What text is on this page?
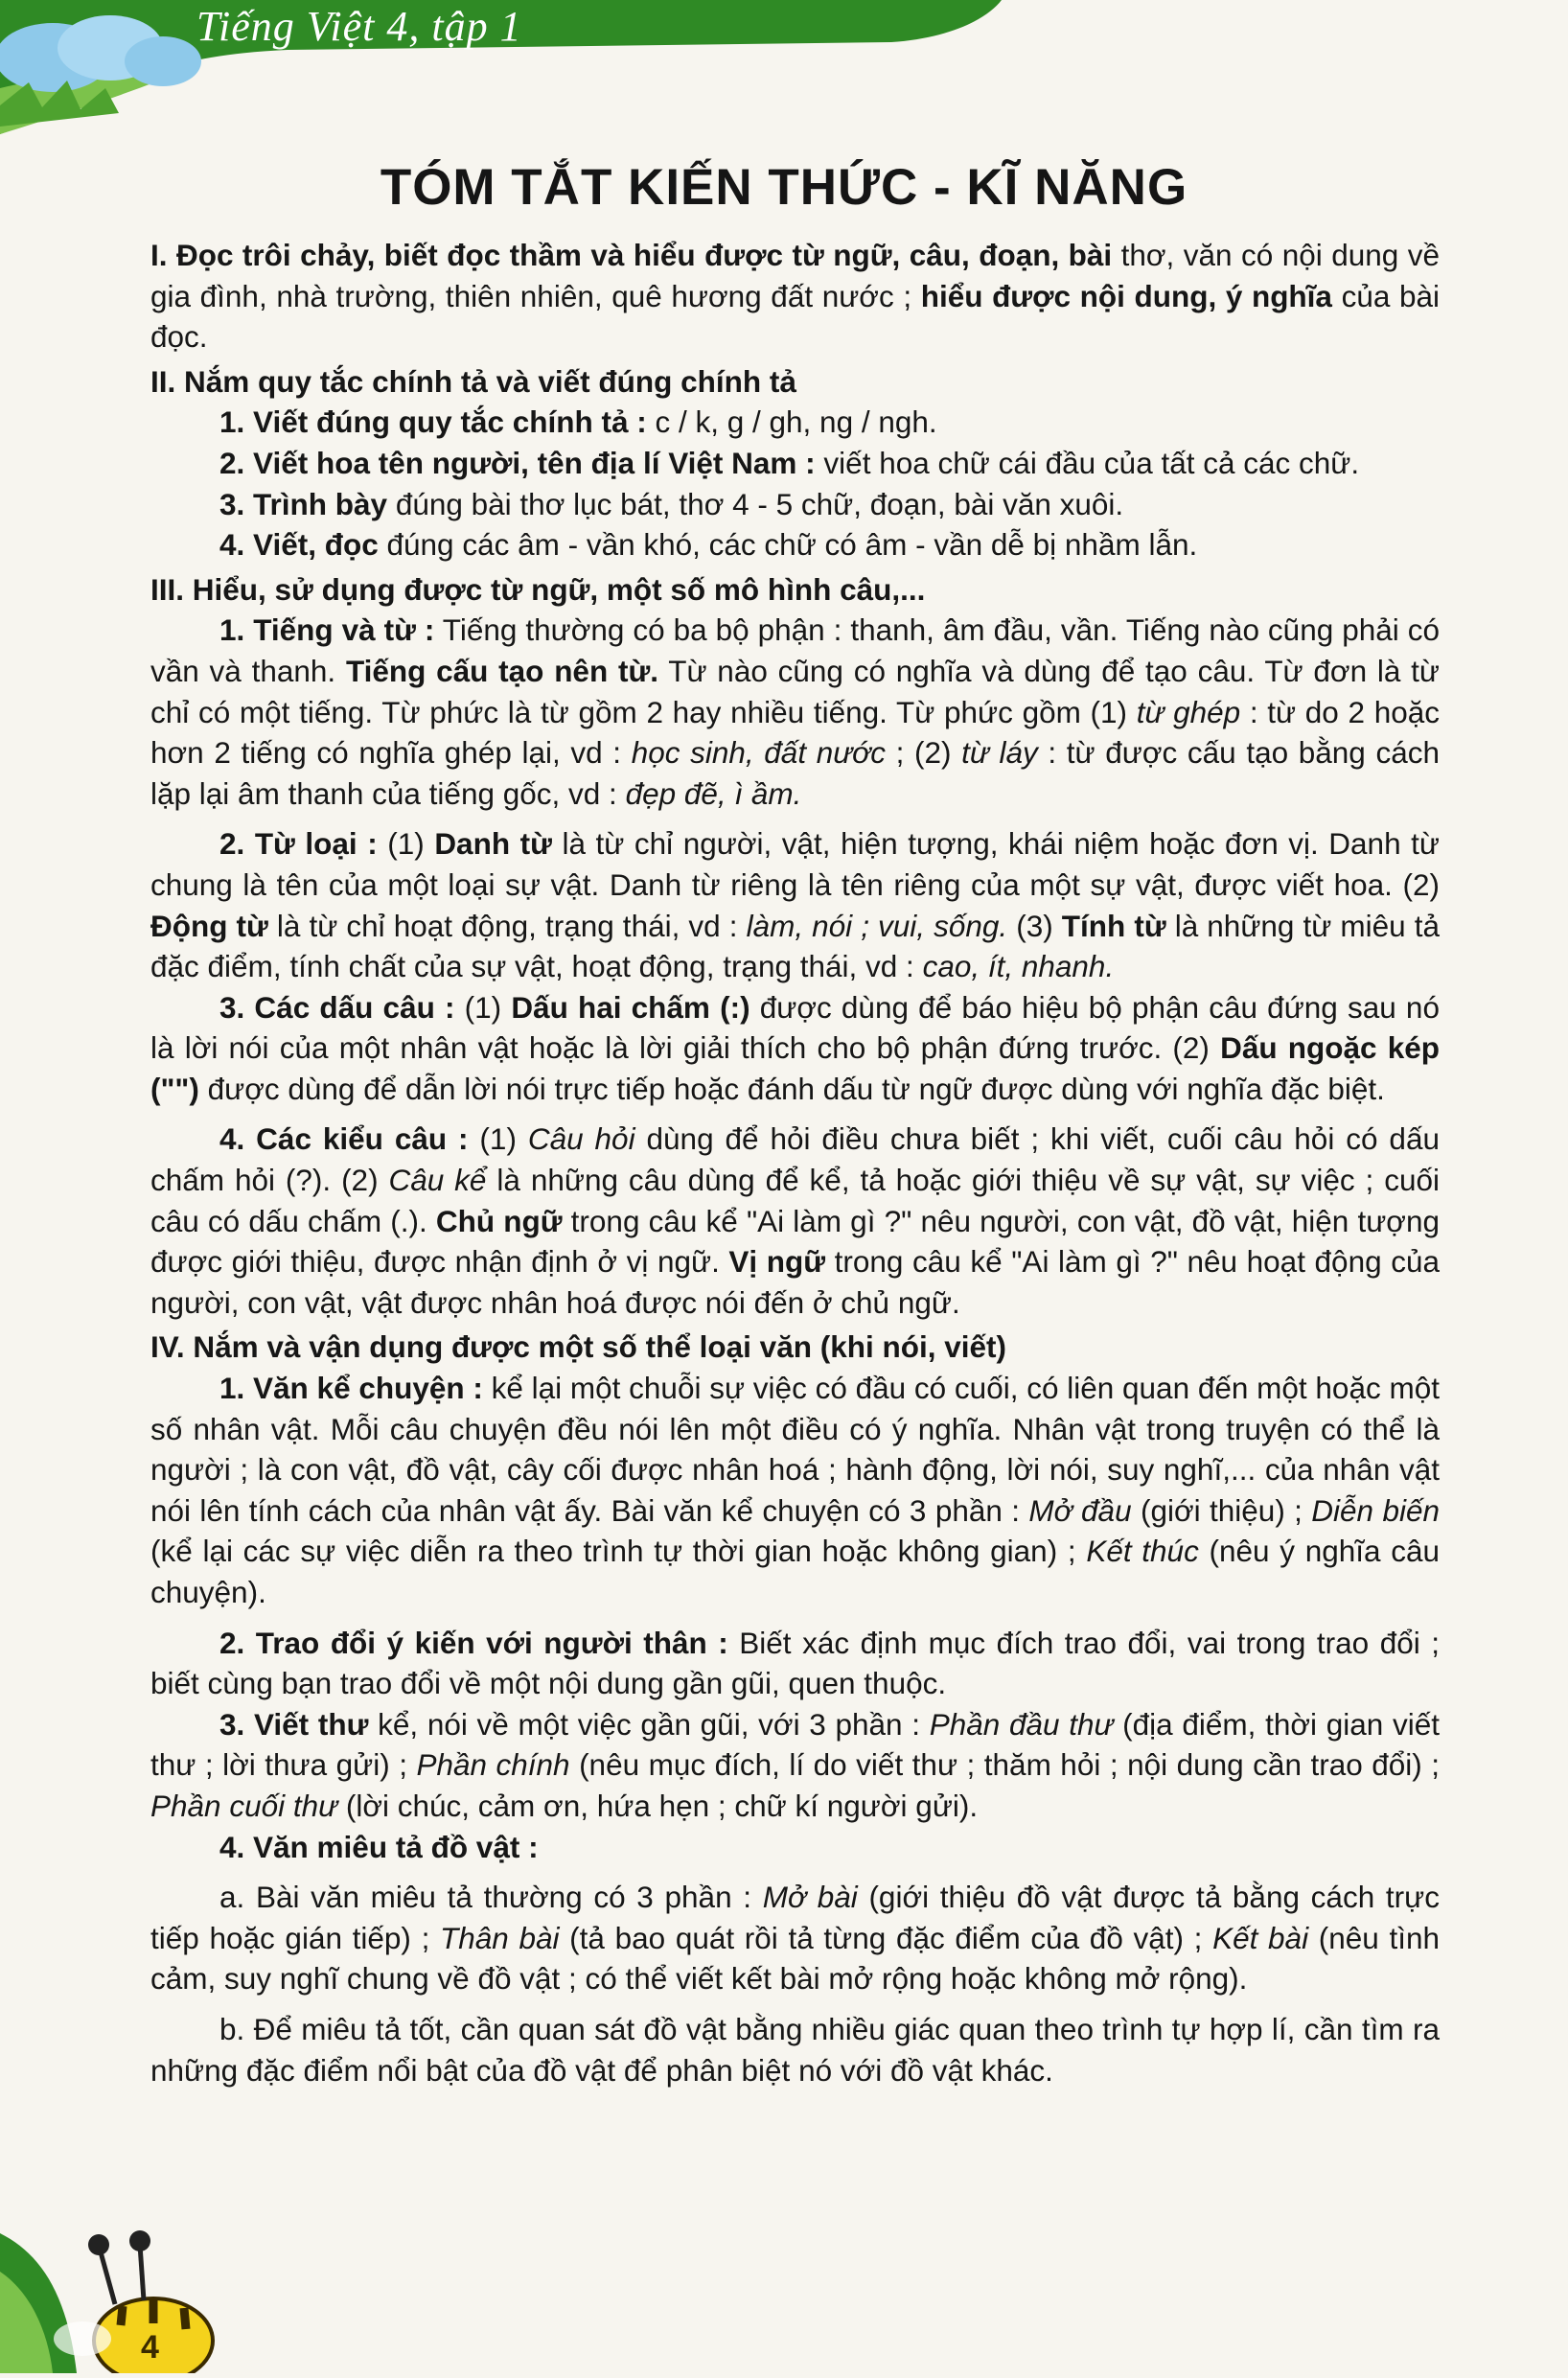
Tiếng Việt 4, tập 1
TÓM TẮT KIẾN THỨC - KĨ NĂNG

I. Đọc trôi chảy, biết đọc thầm và hiểu được từ ngữ, câu, đoạn, bài thơ, văn có nội dung về gia đình, nhà trường, thiên nhiên, quê hương đất nước ; hiểu được nội dung, ý nghĩa của bài đọc.

II. Nắm quy tắc chính tả và viết đúng chính tả

1. Viết đúng quy tắc chính tả : c / k, g / gh, ng / ngh.

2. Viết hoa tên người, tên địa lí Việt Nam : viết hoa chữ cái đầu của tất cả các chữ.

3. Trình bày đúng bài thơ lục bát, thơ 4 - 5 chữ, đoạn, bài văn xuôi.

4. Viết, đọc đúng các âm - vần khó, các chữ có âm - vần dễ bị nhầm lẫn.

III. Hiểu, sử dụng được từ ngữ, một số mô hình câu,...

1. Tiếng và từ : Tiếng thường có ba bộ phận : thanh, âm đầu, vần. Tiếng nào cũng phải có vần và thanh. Tiếng cấu tạo nên từ. Từ nào cũng có nghĩa và dùng để tạo câu. Từ đơn là từ chỉ có một tiếng. Từ phức là từ gồm 2 hay nhiều tiếng. Từ phức gồm (1) từ ghép : từ do 2 hoặc hơn 2 tiếng có nghĩa ghép lại, vd : học sinh, đất nước ; (2) từ láy : từ được cấu tạo bằng cách lặp lại âm thanh của tiếng gốc, vd : đẹp đẽ, ì ầm.

2. Từ loại : (1) Danh từ là từ chỉ người, vật, hiện tượng, khái niệm hoặc đơn vị. Danh từ chung là tên của một loại sự vật. Danh từ riêng là tên riêng của một sự vật, được viết hoa. (2) Động từ là từ chỉ hoạt động, trạng thái, vd : làm, nói ; vui, sống. (3) Tính từ là những từ miêu tả đặc điểm, tính chất của sự vật, hoạt động, trạng thái, vd : cao, ít, nhanh.

3. Các dấu câu : (1) Dấu hai chấm (:) được dùng để báo hiệu bộ phận câu đứng sau nó là lời nói của một nhân vật hoặc là lời giải thích cho bộ phận đứng trước. (2) Dấu ngoặc kép ("") được dùng để dẫn lời nói trực tiếp hoặc đánh dấu từ ngữ được dùng với nghĩa đặc biệt.

4. Các kiểu câu : (1) Câu hỏi dùng để hỏi điều chưa biết ; khi viết, cuối câu hỏi có dấu chấm hỏi (?). (2) Câu kể là những câu dùng để kể, tả hoặc giới thiệu về sự vật, sự việc ; cuối câu có dấu chấm (.). Chủ ngữ trong câu kể "Ai làm gì ?" nêu người, con vật, đồ vật, hiện tượng được giới thiệu, được nhận định ở vị ngữ. Vị ngữ trong câu kể "Ai làm gì ?" nêu hoạt động của người, con vật, vật được nhân hoá được nói đến ở chủ ngữ.

IV. Nắm và vận dụng được một số thể loại văn (khi nói, viết)

1. Văn kể chuyện : kể lại một chuỗi sự việc có đầu có cuối, có liên quan đến một hoặc một số nhân vật. Mỗi câu chuyện đều nói lên một điều có ý nghĩa. Nhân vật trong truyện có thể là người ; là con vật, đồ vật, cây cối được nhân hoá ; hành động, lời nói, suy nghĩ,... của nhân vật nói lên tính cách của nhân vật ấy. Bài văn kể chuyện có 3 phần : Mở đầu (giới thiệu) ; Diễn biến (kể lại các sự việc diễn ra theo trình tự thời gian hoặc không gian) ; Kết thúc (nêu ý nghĩa câu chuyện).

2. Trao đổi ý kiến với người thân : Biết xác định mục đích trao đổi, vai trong trao đổi ; biết cùng bạn trao đổi về một nội dung gần gũi, quen thuộc.

3. Viết thư kể, nói về một việc gần gũi, với 3 phần : Phần đầu thư (địa điểm, thời gian viết thư ; lời thưa gửi) ; Phần chính (nêu mục đích, lí do viết thư ; thăm hỏi ; nội dung cần trao đổi) ; Phần cuối thư (lời chúc, cảm ơn, hứa hẹn ; chữ kí người gửi).

4. Văn miêu tả đồ vật :

a. Bài văn miêu tả thường có 3 phần : Mở bài (giới thiệu đồ vật được tả bằng cách trực tiếp hoặc gián tiếp) ; Thân bài (tả bao quát rồi tả từng đặc điểm của đồ vật) ; Kết bài (nêu tình cảm, suy nghĩ chung về đồ vật ; có thể viết kết bài mở rộng hoặc không mở rộng).

b. Để miêu tả tốt, cần quan sát đồ vật bằng nhiều giác quan theo trình tự hợp lí, cần tìm ra những đặc điểm nổi bật của đồ vật để phân biệt nó với đồ vật khác.

4
